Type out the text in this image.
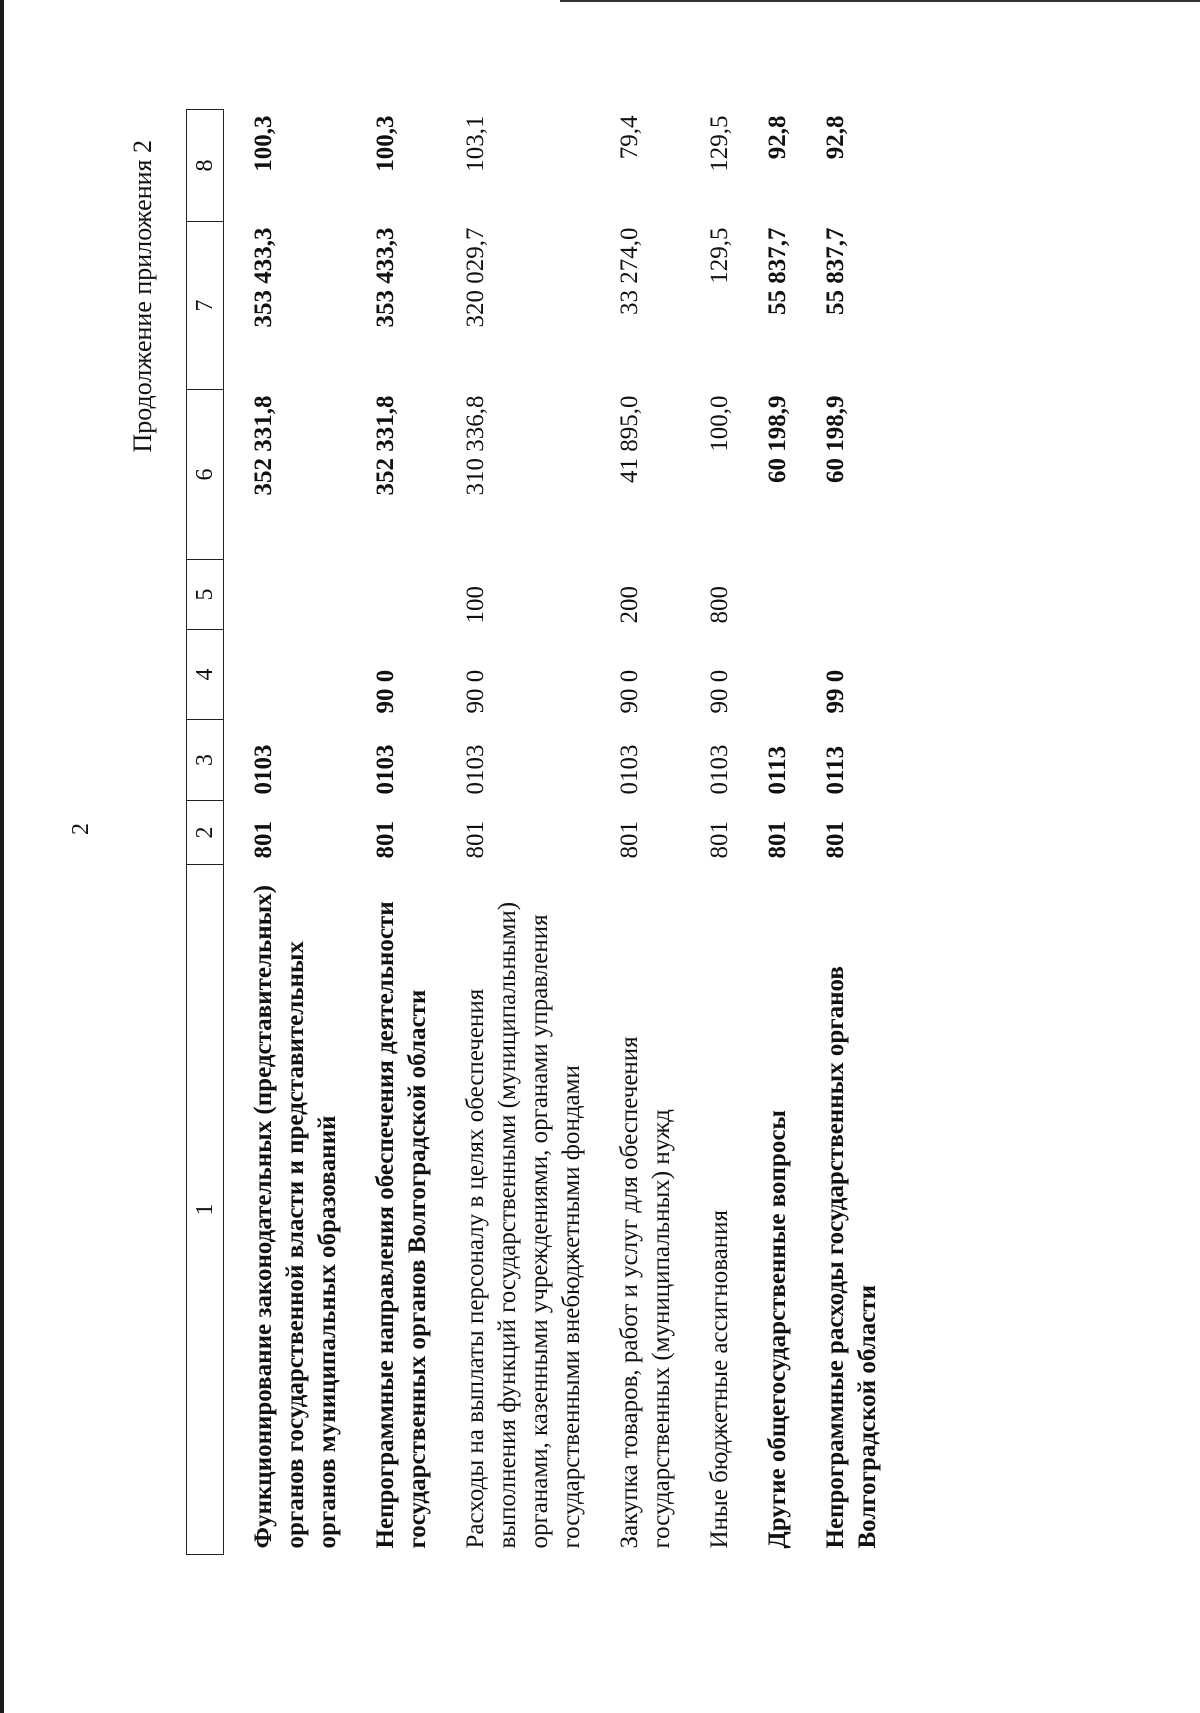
2
Продолжение приложения 2
1	2	3	4	5	6	7	8
Функционирование законодательных (представительных) органов государственной власти и представительных органов муниципальных образований	801	0103			352 331,8	353 433,3	100,3
Непрограммные направления обеспечения деятельности государственных органов Волгоградской области	801	0103	90 0		352 331,8	353 433,3	100,3
Расходы на выплаты персоналу в целях обеспечения выполнения функций государственными (муниципальными) органами, казенными учреждениями, органами управления государственными внебюджетными фондами	801	0103	90 0	100	310 336,8	320 029,7	103,1
Закупка товаров, работ и услуг для обеспечения государственных (муниципальных) нужд	801	0103	90 0	200	41 895,0	33 274,0	79,4
Иные бюджетные ассигнования	801	0103	90 0	800	100,0	129,5	129,5
Другие общегосударственные вопросы	801	0113			60 198,9	55 837,7	92,8
Непрограммные расходы государственных органов Волгоградской области	801	0113	99 0		60 198,9	55 837,7	92,8
